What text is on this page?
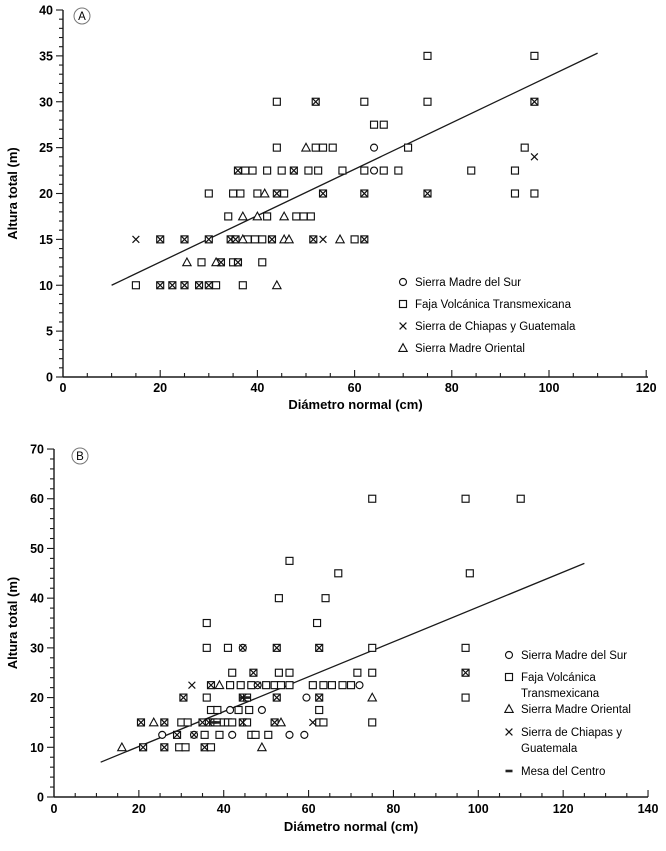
0	20	40	60	80	100	120
0
5
10
15
20
25
30
35
40
Diámetro normal (cm)
Altura total (m)
A
Sierra Madre del Sur
Faja Volcánica Transmexicana
Sierra de Chiapas y Guatemala
Sierra Madre Oriental
0	20	40	60	80	100	120	140
0
10
20
30
40
50
60
70
Diámetro normal (cm)
Altura total (m)
B
Sierra Madre del Sur
Faja Volcánica
Transmexicana
Sierra Madre Oriental
Sierra de Chiapas y
Guatemala
Mesa del Centro
